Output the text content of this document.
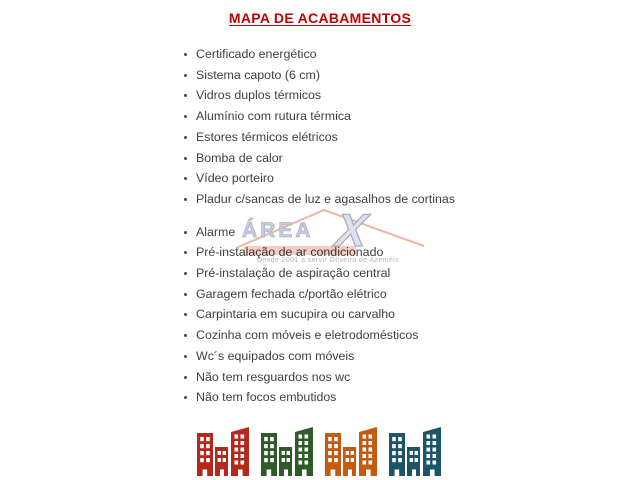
ÁREA X
Desde 2001 a servir Oliveira de Azeméis
MAPA DE ACABAMENTOS
Certificado energético
Sistema capoto (6 cm)
Vidros duplos térmicos
Alumínio com rutura térmica
Estores térmicos elétricos
Bomba de calor
Vídeo porteiro
Pladur c/sancas de luz e agasalhos de cortinas
Alarme
Pré-instalação de ar condicionado
Pré-instalação de aspiração central
Garagem fechada c/portão elétrico
Carpintaria em sucupira ou carvalho
Cozinha com móveis e eletrodomésticos
Wc´s equipados com móveis
Não tem resguardos nos wc
Não tem focos embutidos
